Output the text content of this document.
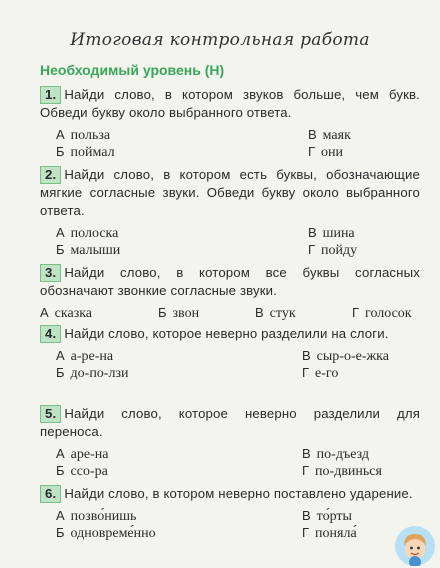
Итоговая контрольная работа
Необходимый уровень (Н)
1. Найди слово, в котором звуков больше, чем букв. Обведи букву около выбранного ответа.
А польза	В маяк
Б поймал	Г они
2. Найди слово, в котором есть буквы, обозначающие мягкие согласные звуки. Обведи букву около выбранного ответа.
А полоска	В шина
Б малыши	Г пойду
3. Найди слово, в котором все буквы согласных обозначают звонкие согласные звуки.
А сказка	Б звон	В стук	Г голосок
4. Найди слово, которое неверно разделили на слоги.
А а-ре-на	В сыр-о-е-жка
Б до-по-лзи	Г е-го
5. Найди слово, которое неверно разделили для переноса.
А аре-на	В по-дъезд
Б ссо-ра	Г по-двинься
6. Найди слово, в котором неверно поставлено ударение.
А позво́нишь	В то́рты
Б одновреме́нно	Г поняла́
